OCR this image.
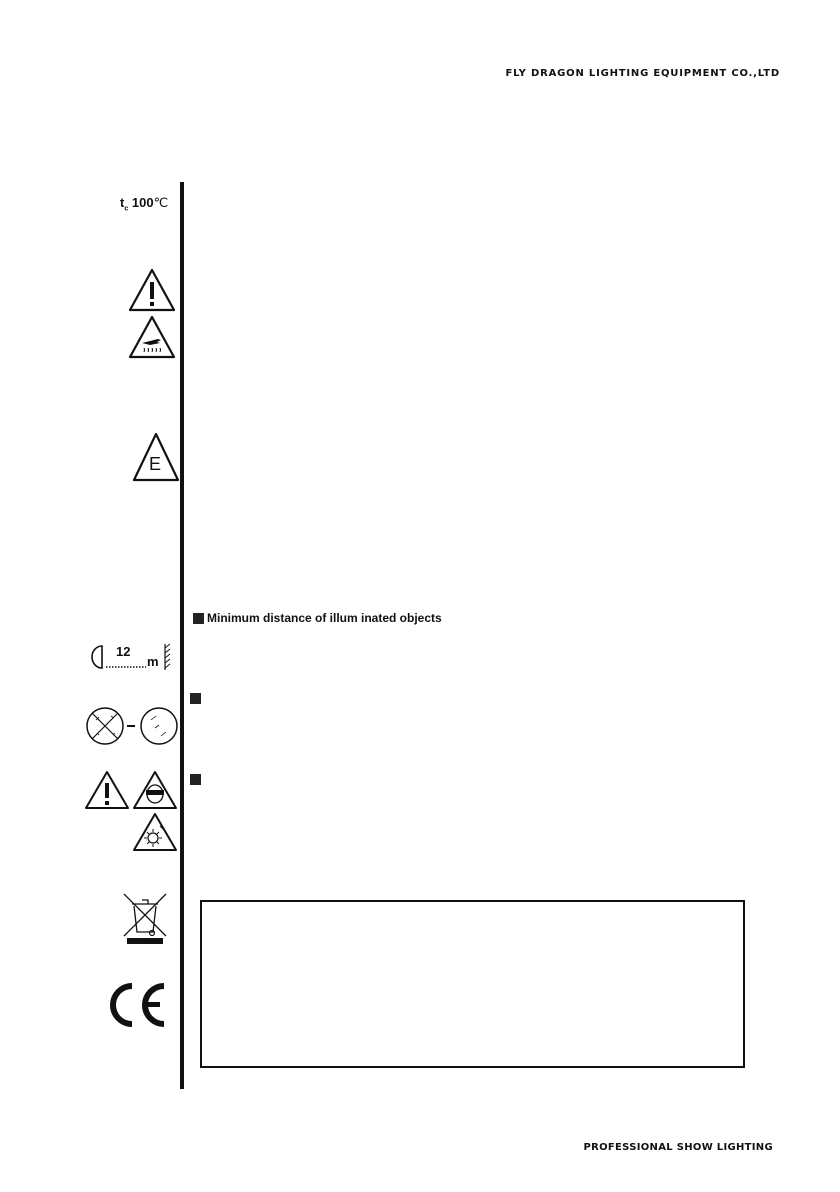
FLY DRAGON LIGHTING EQUIPMENT CO.,LTD
$t_c$ 100℃
E
Minimum distance of illum inated objects
12
m
PROFESSIONAL SHOW LIGHTING
